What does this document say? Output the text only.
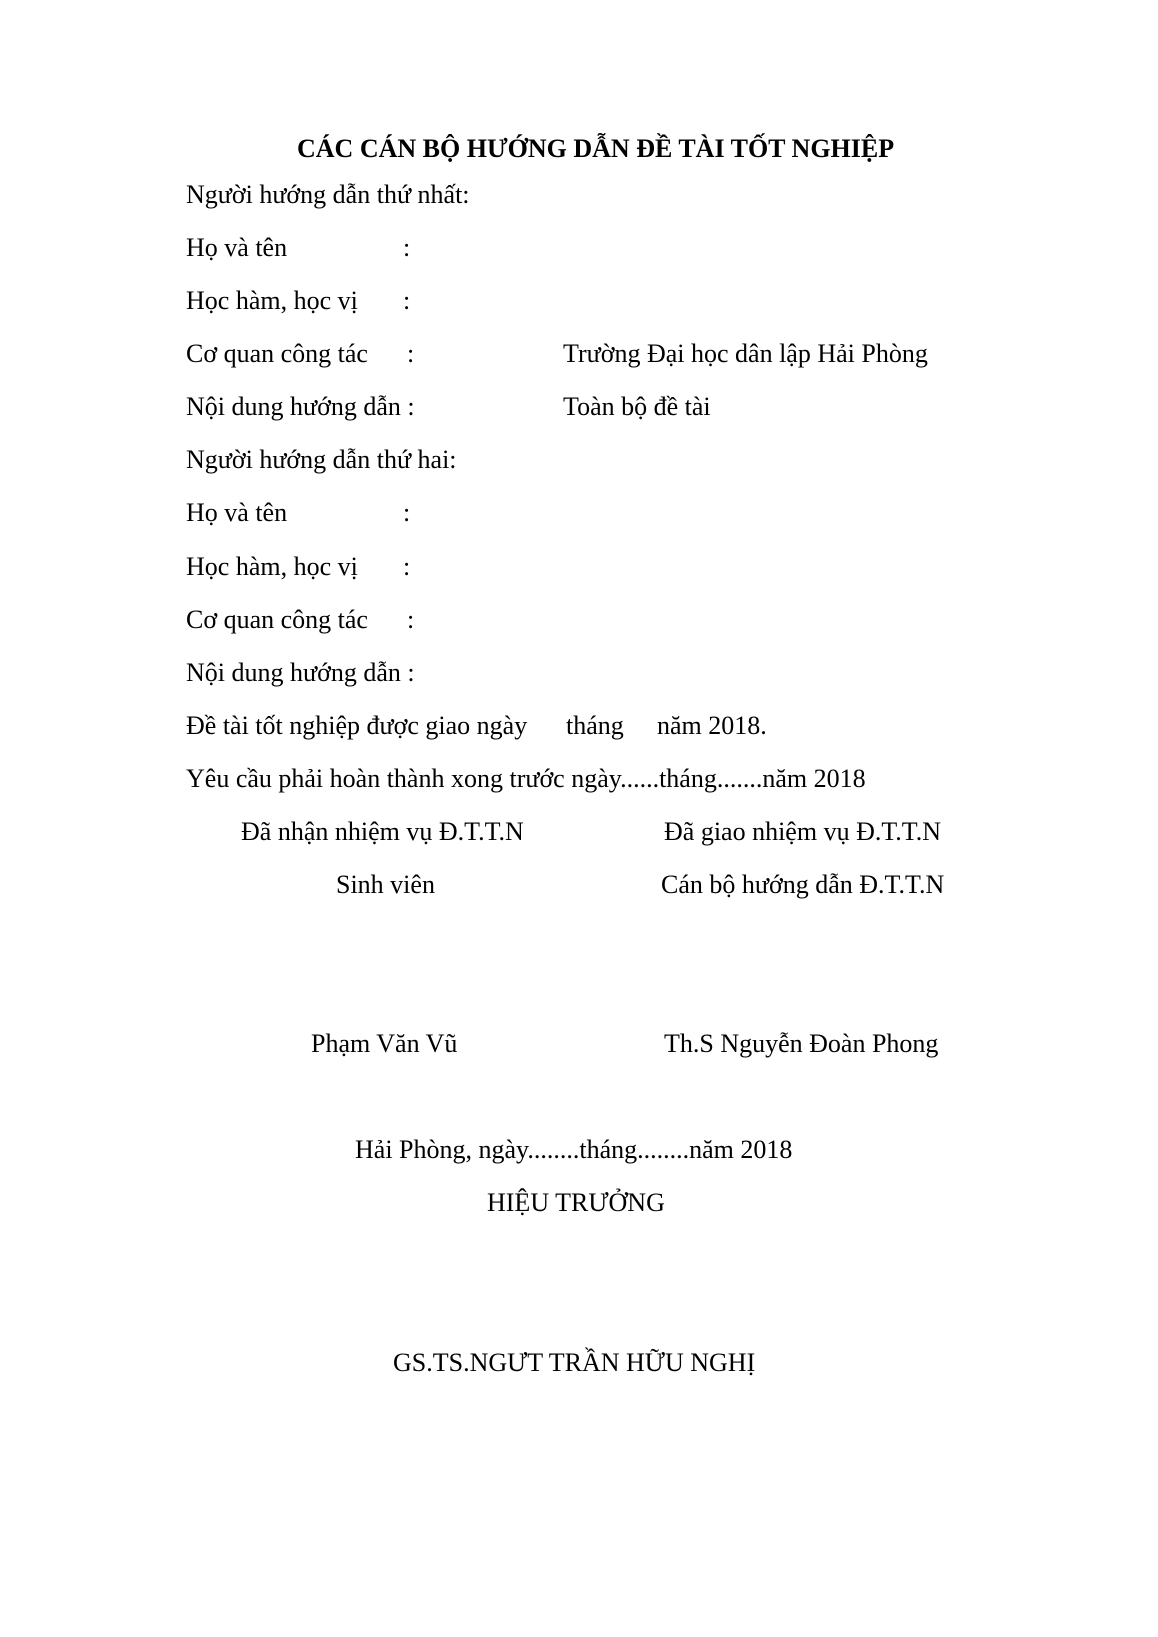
CÁC CÁN BỘ HƯỚNG DẪN ĐỀ TÀI TỐT NGHIỆP
Người hướng dẫn thứ nhất:
Họ và tên	:
Học hàm, học vị :
Cơ quan công tác :	Trường Đại học dân lập Hải Phòng
Nội dung hướng dẫn :	Toàn bộ đề tài
Người hướng dẫn thứ hai:
Họ và tên	:
Học hàm, học vị :
Cơ quan công tác :
Nội dung hướng dẫn :
Đề tài tốt nghiệp được giao ngày tháng năm 2018.
Yêu cầu phải hoàn thành xong trước ngày......tháng.......năm 2018
Đã nhận nhiệm vụ Đ.T.T.N	Đã giao nhiệm vụ Đ.T.T.N
Sinh viên	Cán bộ hướng dẫn Đ.T.T.N
Phạm Văn Vũ	Th.S Nguyễn Đoàn Phong
Hải Phòng, ngày........tháng........năm 2018
HIỆU TRƯỞNG
GS.TS.NGƯT TRẦN HỮU NGHỊ
